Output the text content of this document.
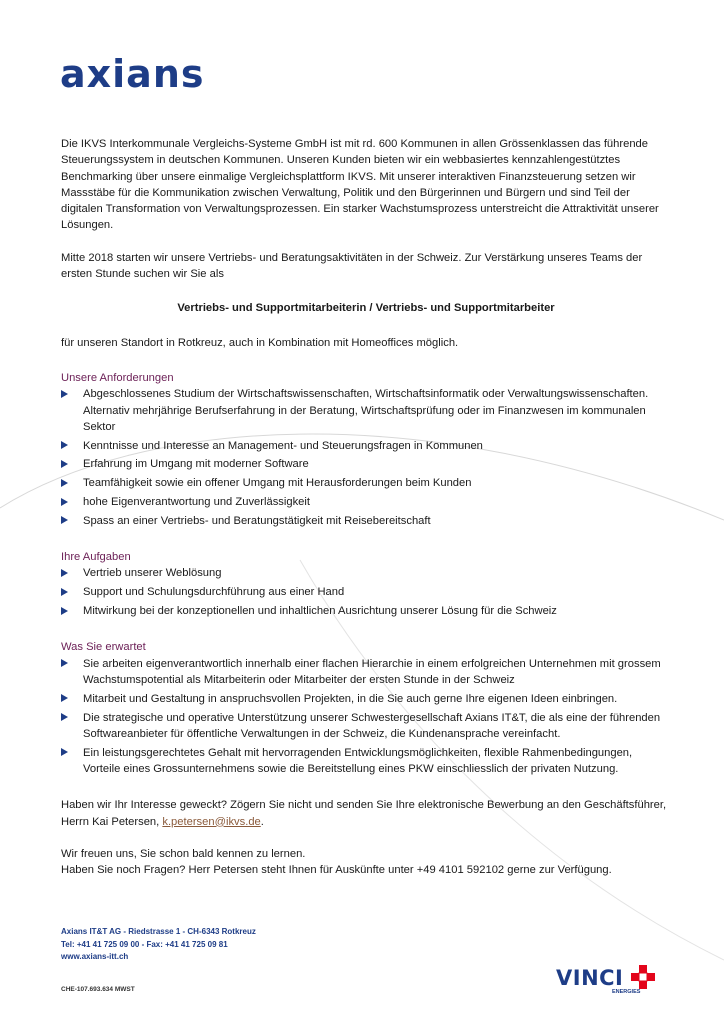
axians

Die IKVS Interkommunale Vergleichs-Systeme GmbH ist mit rd. 600 Kommunen in allen Grössenklassen das führende Steuerungssystem in deutschen Kommunen. Unseren Kunden bieten wir ein webbasiertes kennzahlengestütztes Benchmarking über unsere einmalige Vergleichsplattform IKVS. Mit unserer interaktiven Finanzsteuerung setzen wir Massstäbe für die Kommunikation zwischen Verwaltung, Politik und den Bürgerinnen und Bürgern und sind Teil der digitalen Transformation von Verwaltungsprozessen. Ein starker Wachstumsprozess unterstreicht die Attraktivität unserer Lösungen.

Mitte 2018 starten wir unsere Vertriebs- und Beratungsaktivitäten in der Schweiz. Zur Verstärkung unseres Teams der ersten Stunde suchen wir Sie als

Vertriebs- und Supportmitarbeiterin / Vertriebs- und Supportmitarbeiter

für unseren Standort in Rotkreuz, auch in Kombination mit Homeoffices möglich.

Unsere Anforderungen

Abgeschlossenes Studium der Wirtschaftswissenschaften, Wirtschaftsinformatik oder Verwaltungswissenschaften. Alternativ mehrjährige Berufserfahrung in der Beratung, Wirtschaftsprüfung oder im Finanzwesen im kommunalen Sektor
Kenntnisse und Interesse an Management- und Steuerungsfragen in Kommunen
Erfahrung im Umgang mit moderner Software
Teamfähigkeit sowie ein offener Umgang mit Herausforderungen beim Kunden
hohe Eigenverantwortung und Zuverlässigkeit
Spass an einer Vertriebs- und Beratungstätigkeit mit Reisebereitschaft

Ihre Aufgaben

Vertrieb unserer Weblösung
Support und Schulungsdurchführung aus einer Hand
Mitwirkung bei der konzeptionellen und inhaltlichen Ausrichtung unserer Lösung für die Schweiz

Was Sie erwartet

Sie arbeiten eigenverantwortlich innerhalb einer flachen Hierarchie in einem erfolgreichen Unternehmen mit grossem Wachstumspotential als Mitarbeiterin oder Mitarbeiter der ersten Stunde in der Schweiz
Mitarbeit und Gestaltung in anspruchsvollen Projekten, in die Sie auch gerne Ihre eigenen Ideen einbringen.
Die strategische und operative Unterstützung unserer Schwestergesellschaft Axians IT&T, die als eine der führenden Softwareanbieter für öffentliche Verwaltungen in der Schweiz, die Kundenansprache vereinfacht.
Ein leistungsgerechtetes Gehalt mit hervorragenden Entwicklungsmöglichkeiten, flexible Rahmenbedingungen, Vorteile eines Grossunternehmens sowie die Bereitstellung eines PKW einschliesslich der privaten Nutzung.

Haben wir Ihr Interesse geweckt? Zögern Sie nicht und senden Sie Ihre elektronische Bewerbung an den Geschäftsführer, Herrn Kai Petersen, k.petersen@ikvs.de.

Wir freuen uns, Sie schon bald kennen zu lernen.

Haben Sie noch Fragen? Herr Petersen steht Ihnen für Auskünfte unter +49 4101 592102 gerne zur Verfügung.

Axians IT&T AG - Riedstrasse 1 - CH-6343 Rotkreuz
Tel: +41 41 725 09 00 - Fax: +41 41 725 09 81
www.axians-itt.ch
CHE-107.693.634 MWST	VINCI
ENERGIES
